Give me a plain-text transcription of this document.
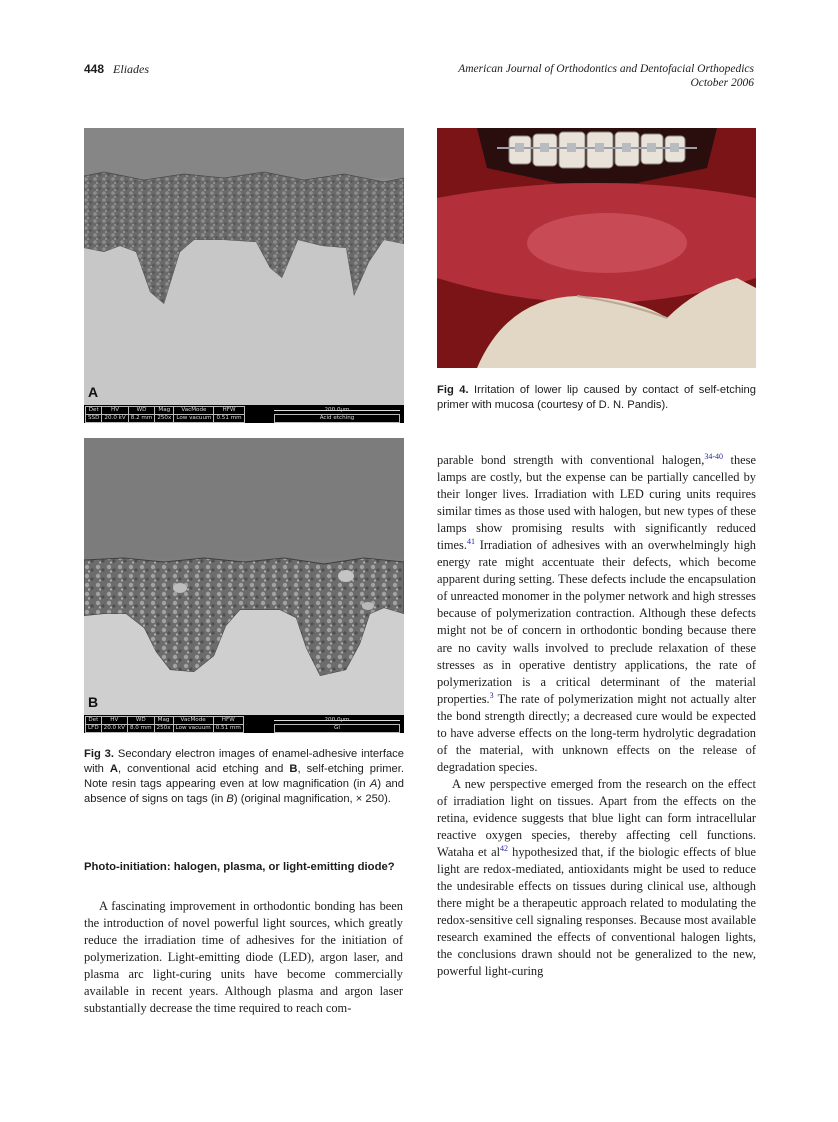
448 Eliades	American Journal of Orthodontics and Dentofacial Orthopedics
October 2006
A
Det	HV	WD	Mag	VacMode	HFW
SSD	20.0 kV	8.2 mm	250x	Low vacuum	0.51 mm
200.0μm
Acid etching
B
Det	HV	WD	Mag	VacMode	HFW
LFD	20.0 kV	8.0 mm	250x	Low vacuum	0.51 mm
200.0μm
GI
Fig 4. Irritation of lower lip caused by contact of self-etching primer with mucosa (courtesy of D. N. Pandis).
Fig 3. Secondary electron images of enamel-adhesive interface with A, conventional acid etching and B, self-etching primer. Note resin tags appearing even at low magnification (in A) and absence of signs on tags (in B) (original magnification, × 250).
Photo-initiation: halogen, plasma, or light-emitting diode?

A fascinating improvement in orthodontic bonding has been the introduction of novel powerful light sources, which greatly reduce the irradiation time of adhesives for the initiation of polymerization. Light-emitting diode (LED), argon laser, and plasma arc light-curing units have become commercially available in recent years. Although plasma and argon laser substantially decrease the time required to reach com-

parable bond strength with conventional halogen,$^{34-40}$ these lamps are costly, but the expense can be partially cancelled by their longer lives. Irradiation with LED curing units requires similar times as those used with halogen, but new types of these lamps show promising results with significantly reduced times.$^{41}$ Irradiation of adhesives with an overwhelmingly high energy rate might accentuate their defects, which become apparent during setting. These defects include the encapsulation of unreacted monomer in the polymer network and high stresses because of polymerization contraction. Although these defects might not be of concern in orthodontic bonding because there are no cavity walls involved to preclude relaxation of these stresses as in operative dentistry applications, the rate of polymerization is a critical determinant of the material properties.$^3$ The rate of polymerization might not actually alter the bond strength directly; a decreased cure would be expected to have adverse effects on the long-term hydrolytic degradation of the material, with unknown effects on the release of degradation species.

A new perspective emerged from the research on the effect of irradiation light on tissues. Apart from the effects on the retina, evidence suggests that blue light can form intracellular reactive oxygen species, thereby affecting cell functions. Wataha et $al^{42}$ hypothesized that, if the biologic effects of blue light are redox-mediated, antioxidants might be used to reduce the undesirable effects on tissues during clinical use, although there might be a therapeutic approach related to modulating the redox-sensitive cell signaling responses. Because most available research examined the effects of conventional halogen lights, the conclusions drawn should not be generalized to the new, powerful light-curing
